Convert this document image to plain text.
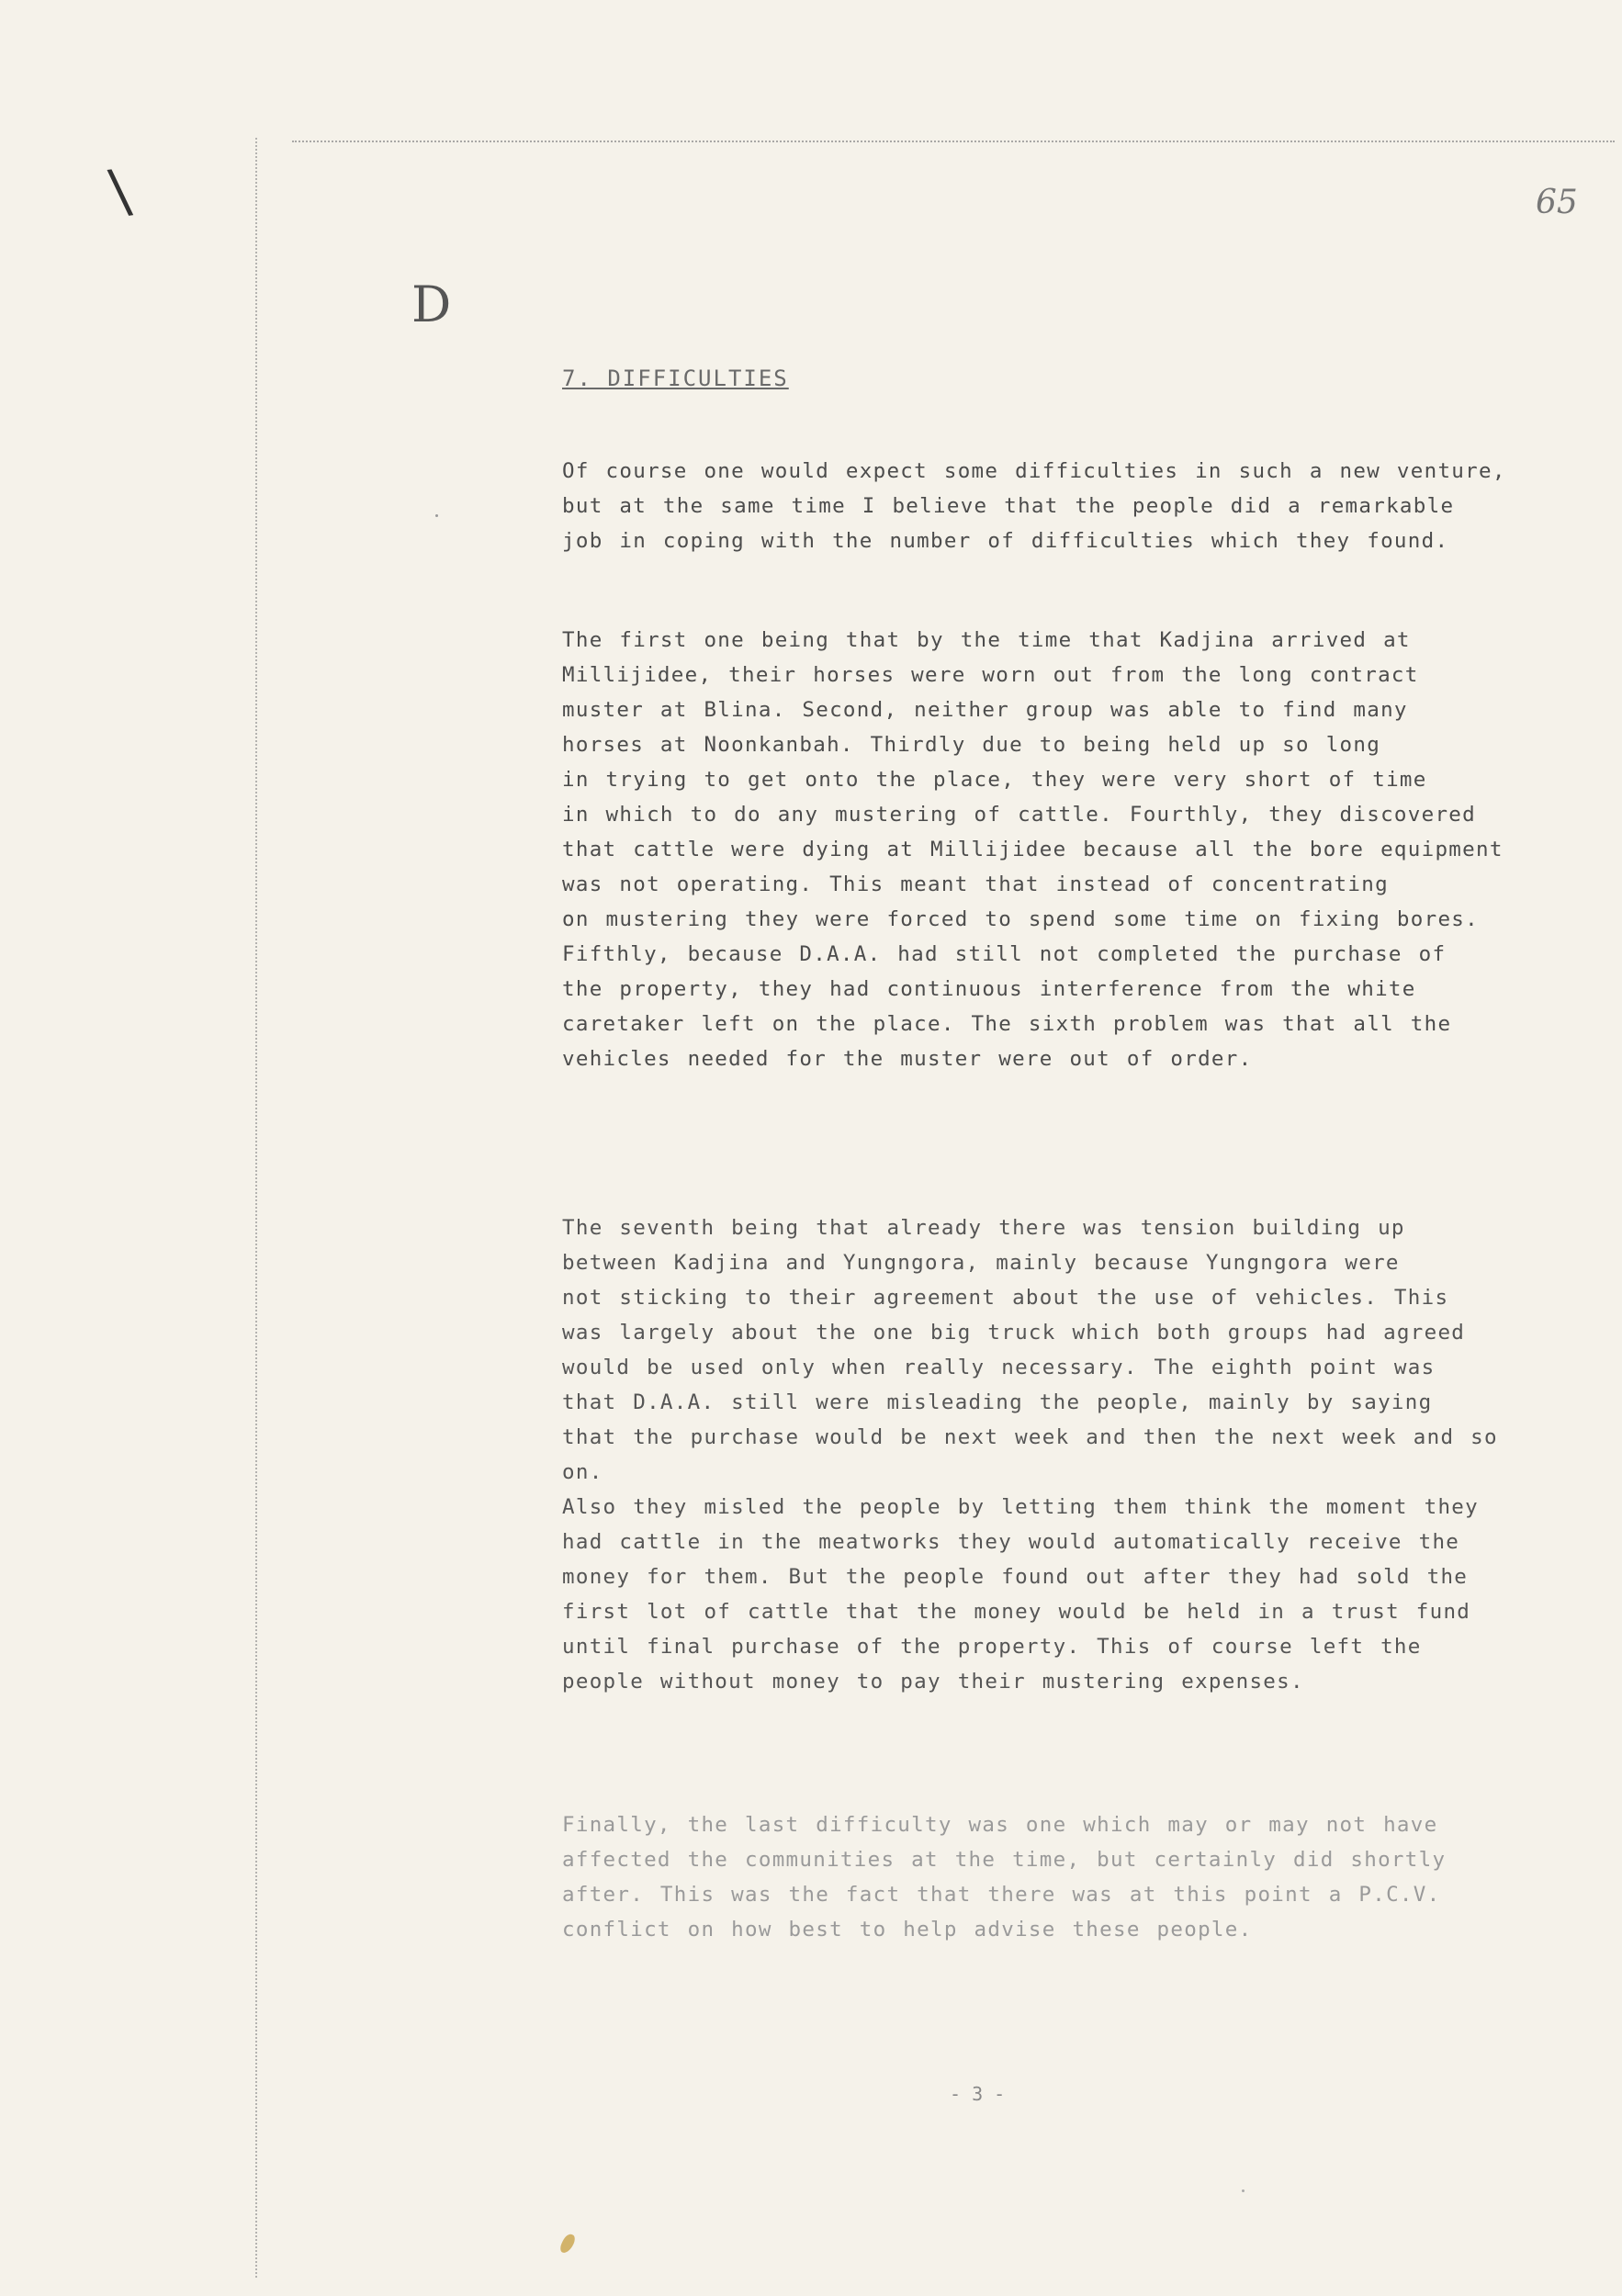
\	65
D
7. DIFFICULTIES
Of course one would expect some difficulties in such a new venture,
but at the same time I believe that the people did a remarkable
job in coping with the number of difficulties which they found.
The first one being that by the time that Kadjina arrived at
Millijidee, their horses were worn out from the long contract
muster at Blina. Second, neither group was able to find many
horses at Noonkanbah. Thirdly due to being held up so long
in trying to get onto the place, they were very short of time
in which to do any mustering of cattle. Fourthly, they discovered
that cattle were dying at Millijidee because all the bore equipment
was not operating. This meant that instead of concentrating
on mustering they were forced to spend some time on fixing bores.
Fifthly, because D.A.A. had still not completed the purchase of
the property, they had continuous interference from the white
caretaker left on the place. The sixth problem was that all the
vehicles needed for the muster were out of order.
The seventh being that already there was tension building up
between Kadjina and Yungngora, mainly because Yungngora were
not sticking to their agreement about the use of vehicles. This
was largely about the one big truck which both groups had agreed
would be used only when really necessary. The eighth point was
that D.A.A. still were misleading the people, mainly by saying
that the purchase would be next week and then the next week and so on.
Also they misled the people by letting them think the moment they
had cattle in the meatworks they would automatically receive the
money for them. But the people found out after they had sold the
first lot of cattle that the money would be held in a trust fund
until final purchase of the property. This of course left the
people without money to pay their mustering expenses.
Finally, the last difficulty was one which may or may not have
affected the communities at the time, but certainly did shortly
after. This was the fact that there was at this point a P.C.V.
conflict on how best to help advise these people.
- 3 -
